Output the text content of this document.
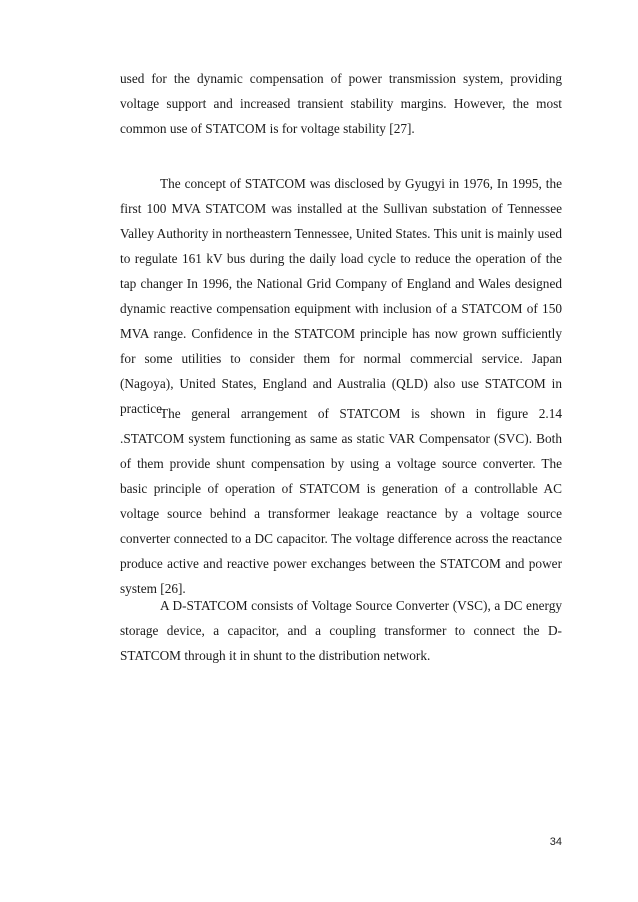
used for the dynamic compensation of power transmission system, providing voltage support and increased transient stability margins. However, the most common use of STATCOM is for voltage stability [27].

The concept of STATCOM was disclosed by Gyugyi in 1976, In 1995, the first 100 MVA STATCOM was installed at the Sullivan substation of Tennessee Valley Authority in northeastern Tennessee, United States. This unit is mainly used to regulate 161 kV bus during the daily load cycle to reduce the operation of the tap changer In 1996, the National Grid Company of England and Wales designed dynamic reactive compensation equipment with inclusion of a STATCOM of 150 MVA range. Confidence in the STATCOM principle has now grown sufficiently for some utilities to consider them for normal commercial service. Japan (Nagoya), United States, England and Australia (QLD) also use STATCOM in practice.

The general arrangement of STATCOM is shown in figure 2.14 .STATCOM system functioning as same as static VAR Compensator (SVC). Both of them provide shunt compensation by using a voltage source converter. The basic principle of operation of STATCOM is generation of a controllable AC voltage source behind a transformer leakage reactance by a voltage source converter connected to a DC capacitor. The voltage difference across the reactance produce active and reactive power exchanges between the STATCOM and power system [26].

A D-STATCOM consists of Voltage Source Converter (VSC), a DC energy storage device, a capacitor, and a coupling transformer to connect the D-STATCOM through it in shunt to the distribution network.

34
